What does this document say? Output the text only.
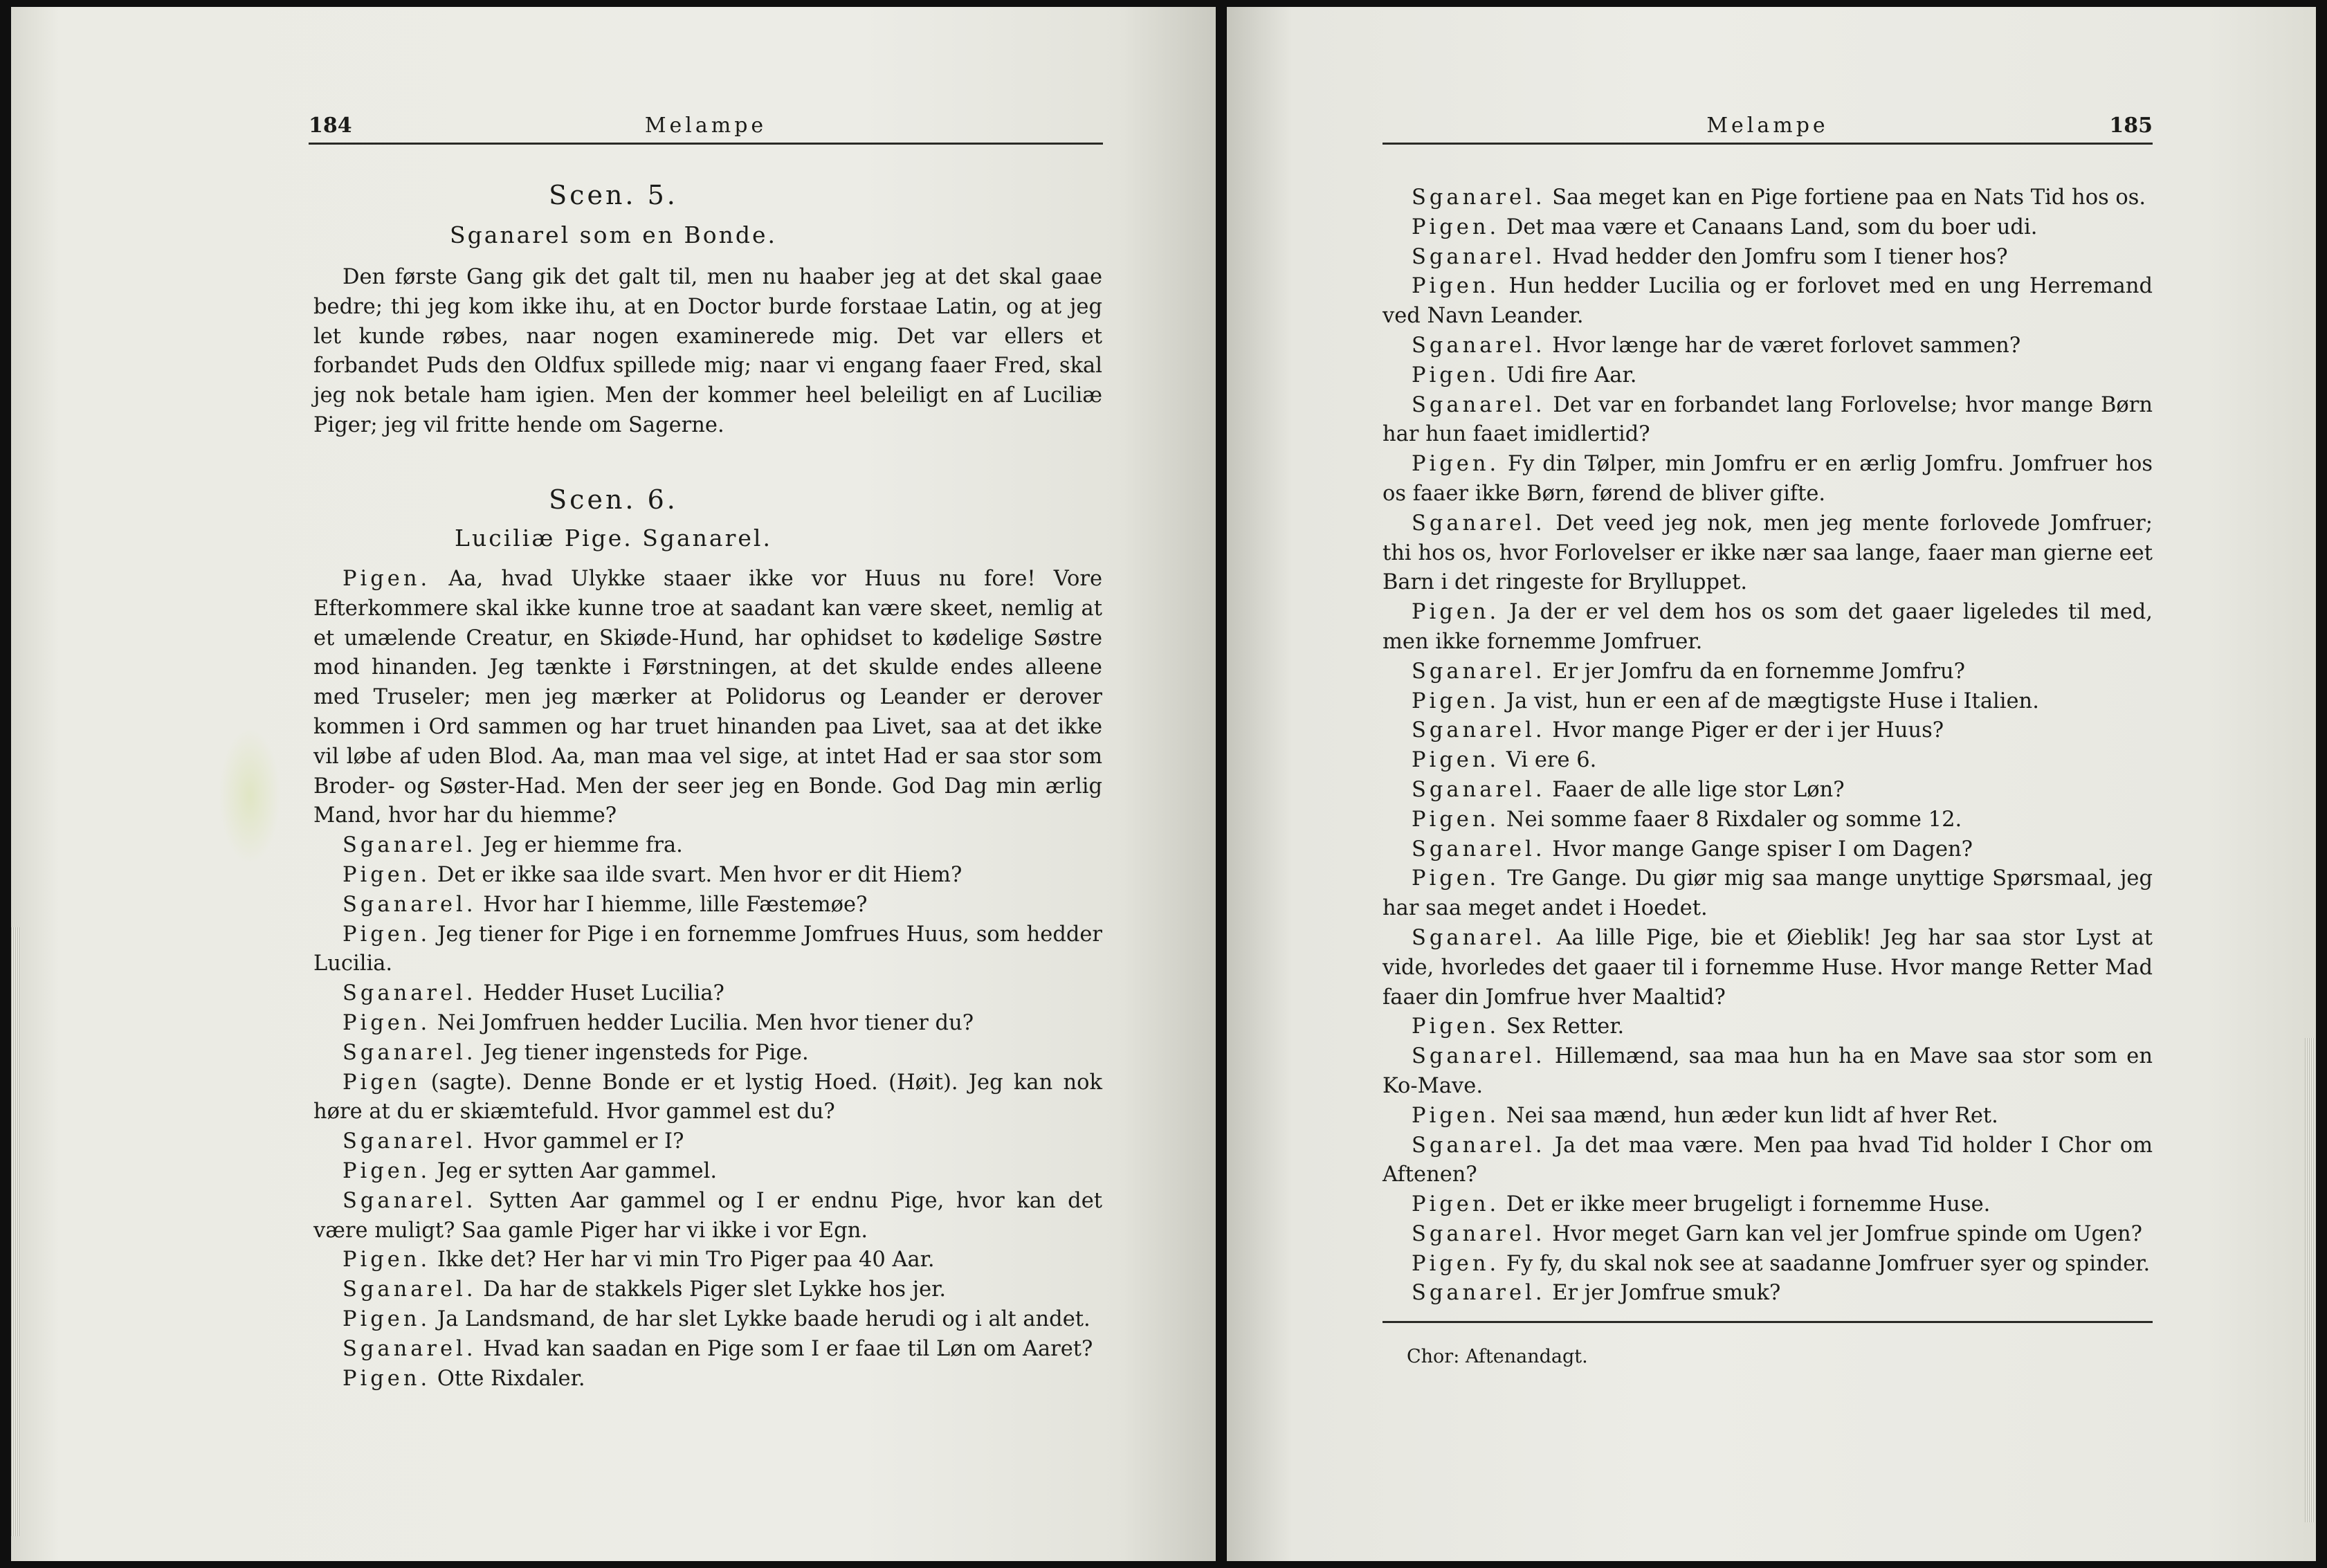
184	Melampe
Scen. 5.
Sganarel som en Bonde.

Den første Gang gik det galt til, men nu haaber jeg at det skal gaae bedre; thi jeg kom ikke ihu, at en Doctor burde forstaae Latin, og at jeg let kunde røbes, naar nogen examinerede mig. Det var ellers et forbandet Puds den Oldfux spillede mig; naar vi engang faaer Fred, skal jeg nok betale ham igien. Men der kommer heel beleiligt en af Luciliæ Piger; jeg vil fritte hende om Sagerne.

Scen. 6.
Luciliæ Pige. Sganarel.

Pigen. Aa, hvad Ulykke staaer ikke vor Huus nu fore! Vore Efterkommere skal ikke kunne troe at saadant kan være skeet, nemlig at et umælende Creatur, en Skiøde-Hund, har ophidset to kødelige Søstre mod hinanden. Jeg tænkte i Førstningen, at det skulde endes alleene med Truseler; men jeg mærker at Polidorus og Leander er derover kommen i Ord sammen og har truet hinanden paa Livet, saa at det ikke vil løbe af uden Blod. Aa, man maa vel sige, at intet Had er saa stor som Broder- og Søster-Had. Men der seer jeg en Bonde. God Dag min ærlig Mand, hvor har du hiemme?

Sganarel. Jeg er hiemme fra.

Pigen. Det er ikke saa ilde svart. Men hvor er dit Hiem?

Sganarel. Hvor har I hiemme, lille Fæstemøe?

Pigen. Jeg tiener for Pige i en fornemme Jomfrues Huus, som hedder Lucilia.

Sganarel. Hedder Huset Lucilia?

Pigen. Nei Jomfruen hedder Lucilia. Men hvor tiener du?

Sganarel. Jeg tiener ingensteds for Pige.

Pigen (sagte). Denne Bonde er et lystig Hoed. (Høit). Jeg kan nok høre at du er skiæmtefuld. Hvor gammel est du?

Sganarel. Hvor gammel er I?

Pigen. Jeg er sytten Aar gammel.

Sganarel. Sytten Aar gammel og I er endnu Pige, hvor kan det være muligt? Saa gamle Piger har vi ikke i vor Egn.

Pigen. Ikke det? Her har vi min Tro Piger paa 40 Aar.

Sganarel. Da har de stakkels Piger slet Lykke hos jer.

Pigen. Ja Landsmand, de har slet Lykke baade herudi og i alt andet.

Sganarel. Hvad kan saadan en Pige som I er faae til Løn om Aaret?

Pigen. Otte Rixdaler.

Melampe	185

Sganarel. Saa meget kan en Pige fortiene paa en Nats Tid hos os.

Pigen. Det maa være et Canaans Land, som du boer udi.

Sganarel. Hvad hedder den Jomfru som I tiener hos?

Pigen. Hun hedder Lucilia og er forlovet med en ung Herremand ved Navn Leander.

Sganarel. Hvor længe har de været forlovet sammen?

Pigen. Udi fire Aar.

Sganarel. Det var en forbandet lang Forlovelse; hvor mange Børn har hun faaet imidlertid?

Pigen. Fy din Tølper, min Jomfru er en ærlig Jomfru. Jomfruer hos os faaer ikke Børn, førend de bliver gifte.

Sganarel. Det veed jeg nok, men jeg mente forlovede Jomfruer; thi hos os, hvor Forlovelser er ikke nær saa lange, faaer man gierne eet Barn i det ringeste for Brylluppet.

Pigen. Ja der er vel dem hos os som det gaaer ligeledes til med, men ikke fornemme Jomfruer.

Sganarel. Er jer Jomfru da en fornemme Jomfru?

Pigen. Ja vist, hun er een af de mægtigste Huse i Italien.

Sganarel. Hvor mange Piger er der i jer Huus?

Pigen. Vi ere 6.

Sganarel. Faaer de alle lige stor Løn?

Pigen. Nei somme faaer 8 Rixdaler og somme 12.

Sganarel. Hvor mange Gange spiser I om Dagen?

Pigen. Tre Gange. Du giør mig saa mange unyttige Spørsmaal, jeg har saa meget andet i Hoedet.

Sganarel. Aa lille Pige, bie et Øieblik! Jeg har saa stor Lyst at vide, hvorledes det gaaer til i fornemme Huse. Hvor mange Retter Mad faaer din Jomfrue hver Maaltid?

Pigen. Sex Retter.

Sganarel. Hillemænd, saa maa hun ha en Mave saa stor som en Ko-Mave.

Pigen. Nei saa mænd, hun æder kun lidt af hver Ret.

Sganarel. Ja det maa være. Men paa hvad Tid holder I Chor om Aftenen?

Pigen. Det er ikke meer brugeligt i fornemme Huse.

Sganarel. Hvor meget Garn kan vel jer Jomfrue spinde om Ugen?

Pigen. Fy fy, du skal nok see at saadanne Jomfruer syer og spinder.

Sganarel. Er jer Jomfrue smuk?

Chor: Aftenandagt.
